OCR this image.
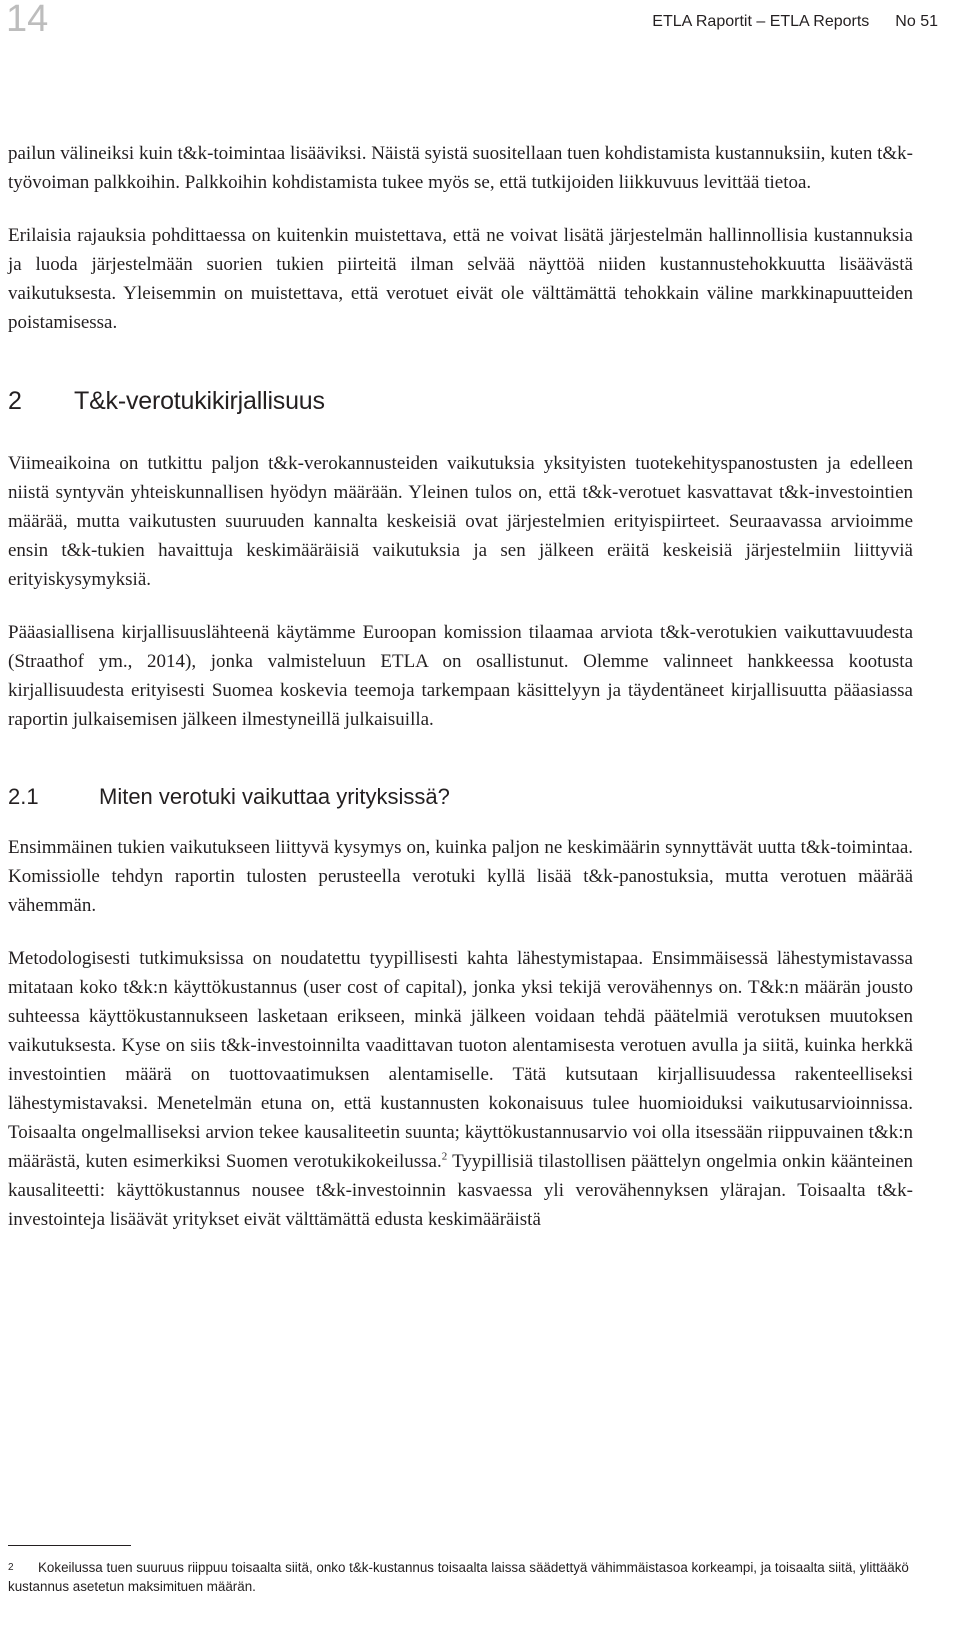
14	ETLA Raportit – ETLA Reports No 51

pailun välineiksi kuin t&k-toimintaa lisääviksi. Näistä syistä suositellaan tuen kohdistamista kustannuksiin, kuten t&k-työvoiman palkkoihin. Palkkoihin kohdistamista tukee myös se, että tutkijoiden liikkuvuus levittää tietoa.

Erilaisia rajauksia pohdittaessa on kuitenkin muistettava, että ne voivat lisätä järjestelmän hallinnollisia kustannuksia ja luoda järjestelmään suorien tukien piirteitä ilman selvää näyttöä niiden kustannustehokkuutta lisäävästä vaikutuksesta. Yleisemmin on muistettava, että verotuet eivät ole välttämättä tehokkain väline markkinapuutteiden poistamisessa.

2	T&k-verotukikirjallisuus

Viimeaikoina on tutkittu paljon t&k-verokannusteiden vaikutuksia yksityisten tuotekehityspanostusten ja edelleen niistä syntyvän yhteiskunnallisen hyödyn määrään. Yleinen tulos on, että t&k-verotuet kasvattavat t&k-investointien määrää, mutta vaikutusten suuruuden kannalta keskeisiä ovat järjestelmien erityispiirteet. Seuraavassa arvioimme ensin t&k-tukien havaittuja keskimääräisiä vaikutuksia ja sen jälkeen eräitä keskeisiä järjestelmiin liittyviä erityiskysymyksiä.

Pääasiallisena kirjallisuuslähteenä käytämme Euroopan komission tilaamaa arviota t&k-verotukien vaikuttavuudesta (Straathof ym., 2014), jonka valmisteluun ETLA on osallistunut. Olemme valinneet hankkeessa kootusta kirjallisuudesta erityisesti Suomea koskevia teemoja tarkempaan käsittelyyn ja täydentäneet kirjallisuutta pääasiassa raportin julkaisemisen jälkeen ilmestyneillä julkaisuilla.

2.1	Miten verotuki vaikuttaa yrityksissä?

Ensimmäinen tukien vaikutukseen liittyvä kysymys on, kuinka paljon ne keskimäärin synnyttävät uutta t&k-toimintaa. Komissiolle tehdyn raportin tulosten perusteella verotuki kyllä lisää t&k-panostuksia, mutta verotuen määrää vähemmän.

Metodologisesti tutkimuksissa on noudatettu tyypillisesti kahta lähestymistapaa. Ensimmäisessä lähestymistavassa mitataan koko t&k:n käyttökustannus (user cost of capital), jonka yksi tekijä verovähennys on. T&k:n määrän jousto suhteessa käyttökustannukseen lasketaan erikseen, minkä jälkeen voidaan tehdä päätelmiä verotuksen muutoksen vaikutuksesta. Kyse on siis t&k-investoinnilta vaadittavan tuoton alentamisesta verotuen avulla ja siitä, kuinka herkkä investointien määrä on tuottovaatimuksen alentamiselle. Tätä kutsutaan kirjallisuudessa rakenteelliseksi lähestymistavaksi. Menetelmän etuna on, että kustannusten kokonaisuus tulee huomioiduksi vaikutusarvioinnissa. Toisaalta ongelmalliseksi arvion tekee kausaliteetin suunta; käyttökustannusarvio voi olla itsessään riippuvainen t&k:n määrästä, kuten esimerkiksi Suomen verotukikokeilussa.$^2$ Tyypillisiä tilastollisen päättelyn ongelmia onkin käänteinen kausaliteetti: käyttökustannus nousee t&k-investoinnin kasvaessa yli verovähennyksen ylärajan. Toisaalta t&k-investointeja lisäävät yritykset eivät välttämättä edusta keskimääräistä

2 Kokeilussa tuen suuruus riippuu toisaalta siitä, onko t&k-kustannus toisaalta laissa säädettyä vähimmäistasoa korkeampi, ja toisaalta siitä, ylittääkö kustannus asetetun maksimituen määrän.
